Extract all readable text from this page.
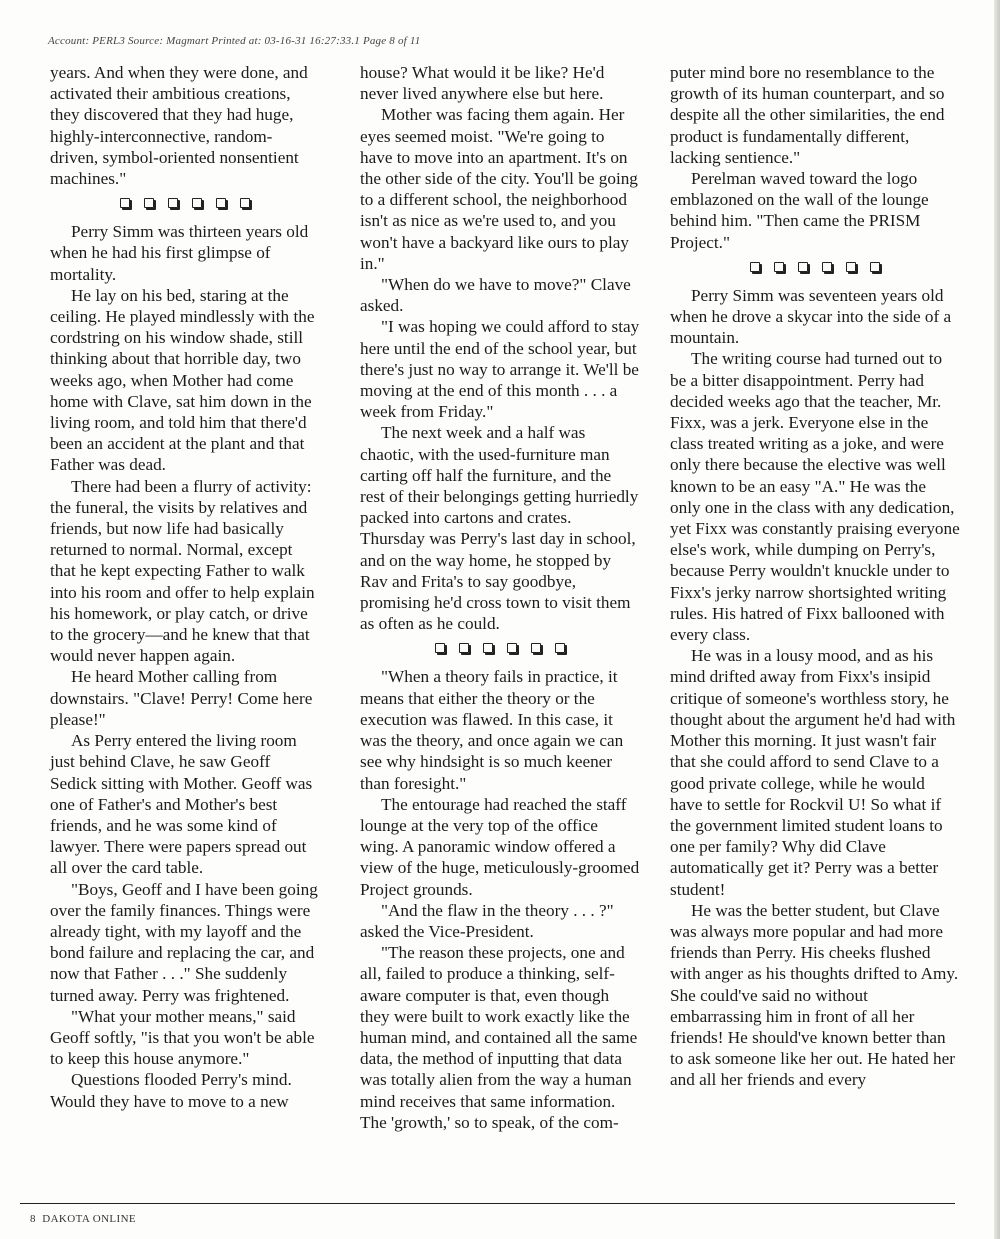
Account: PERL3 Source: Magmart Printed at: 03-16-31 16:27:33.1 Page 8 of 11

years. And when they were done, and activated their ambitious creations, they discovered that they had huge, highly-interconnective, random-driven, symbol-oriented nonsentient machines."

Perry Simm was thirteen years old when he had his first glimpse of mortality.

He lay on his bed, staring at the ceiling. He played mindlessly with the cordstring on his window shade, still thinking about that horrible day, two weeks ago, when Mother had come home with Clave, sat him down in the living room, and told him that there'd been an accident at the plant and that Father was dead.

There had been a flurry of activity: the funeral, the visits by relatives and friends, but now life had basically returned to normal. Normal, except that he kept expecting Father to walk into his room and offer to help explain his homework, or play catch, or drive to the grocery—and he knew that that would never happen again.

He heard Mother calling from downstairs. "Clave! Perry! Come here please!"

As Perry entered the living room just behind Clave, he saw Geoff Sedick sitting with Mother. Geoff was one of Father's and Mother's best friends, and he was some kind of lawyer. There were papers spread out all over the card table.

"Boys, Geoff and I have been going over the family finances. Things were already tight, with my layoff and the bond failure and replacing the car, and now that Father . . ." She suddenly turned away. Perry was frightened.

"What your mother means," said Geoff softly, "is that you won't be able to keep this house anymore."

Questions flooded Perry's mind. Would they have to move to a new

house? What would it be like? He'd never lived anywhere else but here.

Mother was facing them again. Her eyes seemed moist. "We're going to have to move into an apartment. It's on the other side of the city. You'll be going to a different school, the neighborhood isn't as nice as we're used to, and you won't have a backyard like ours to play in."

"When do we have to move?" Clave asked.

"I was hoping we could afford to stay here until the end of the school year, but there's just no way to arrange it. We'll be moving at the end of this month . . . a week from Friday."

The next week and a half was chaotic, with the used-furniture man carting off half the furniture, and the rest of their belongings getting hurriedly packed into cartons and crates. Thursday was Perry's last day in school, and on the way home, he stopped by Rav and Frita's to say goodbye, promising he'd cross town to visit them as often as he could.

"When a theory fails in practice, it means that either the theory or the execution was flawed. In this case, it was the theory, and once again we can see why hindsight is so much keener than foresight."

The entourage had reached the staff lounge at the very top of the office wing. A panoramic window offered a view of the huge, meticulously-groomed Project grounds.

"And the flaw in the theory . . . ?" asked the Vice-President.

"The reason these projects, one and all, failed to produce a thinking, self-aware computer is that, even though they were built to work exactly like the human mind, and contained all the same data, the method of inputting that data was totally alien from the way a human mind receives that same information. The 'growth,' so to speak, of the com-

puter mind bore no resemblance to the growth of its human counterpart, and so despite all the other similarities, the end product is fundamentally different, lacking sentience."

Perelman waved toward the logo emblazoned on the wall of the lounge behind him. "Then came the PRISM Project."

Perry Simm was seventeen years old when he drove a skycar into the side of a mountain.

The writing course had turned out to be a bitter disappointment. Perry had decided weeks ago that the teacher, Mr. Fixx, was a jerk. Everyone else in the class treated writing as a joke, and were only there because the elective was well known to be an easy "A." He was the only one in the class with any dedication, yet Fixx was constantly praising everyone else's work, while dumping on Perry's, because Perry wouldn't knuckle under to Fixx's jerky narrow shortsighted writing rules. His hatred of Fixx ballooned with every class.

He was in a lousy mood, and as his mind drifted away from Fixx's insipid critique of someone's worthless story, he thought about the argument he'd had with Mother this morning. It just wasn't fair that she could afford to send Clave to a good private college, while he would have to settle for Rockvil U! So what if the government limited student loans to one per family? Why did Clave automatically get it? Perry was a better student!

He was the better student, but Clave was always more popular and had more friends than Perry. His cheeks flushed with anger as his thoughts drifted to Amy. She could've said no without embarrassing him in front of all her friends! He should've known better than to ask someone like her out. He hated her and all her friends and every

8 DAKOTA ONLINE
